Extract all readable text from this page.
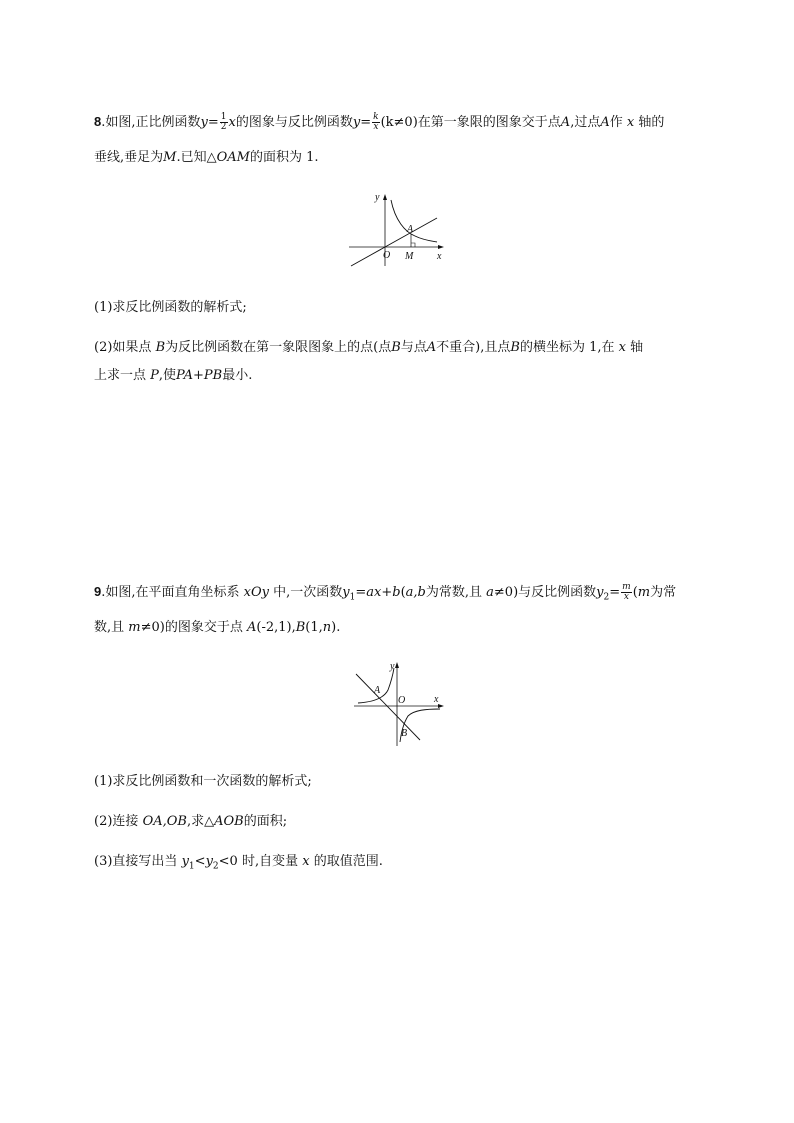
8.如图,正比例函数$y= \frac{1}{2}$ x的图象与反比例函数$y= \frac{k}{x} (k\ne 0)$在第一象限的图象交于点A,过点A作 x 轴的
垂线,垂足为M.已知△OAM的面积为 1.
y
x
O
A
M
(1)求反比例函数的解析式;
(2)如果点 B为反比例函数在第一象限图象上的点(点B与点A不重合),且点B的横坐标为 1,在 x 轴
上求一点 P,使PA+PB最小.
9.如图,在平面直角坐标系 xOy 中,一次函数$y_1=ax+b(a,b$为常数,且 a≠0)与反比例函数$y_2= \frac{m}{x} (m$为常
数,且 m≠0)的图象交于点 A(-2,1),B(1,n).
y
x
O
A
B
(1)求反比例函数和一次函数的解析式;
(2)连接 OA,OB,求△AOB的面积;
(3)直接写出当 $y_1<y_2<0$ 时,自变量 x 的取值范围.
